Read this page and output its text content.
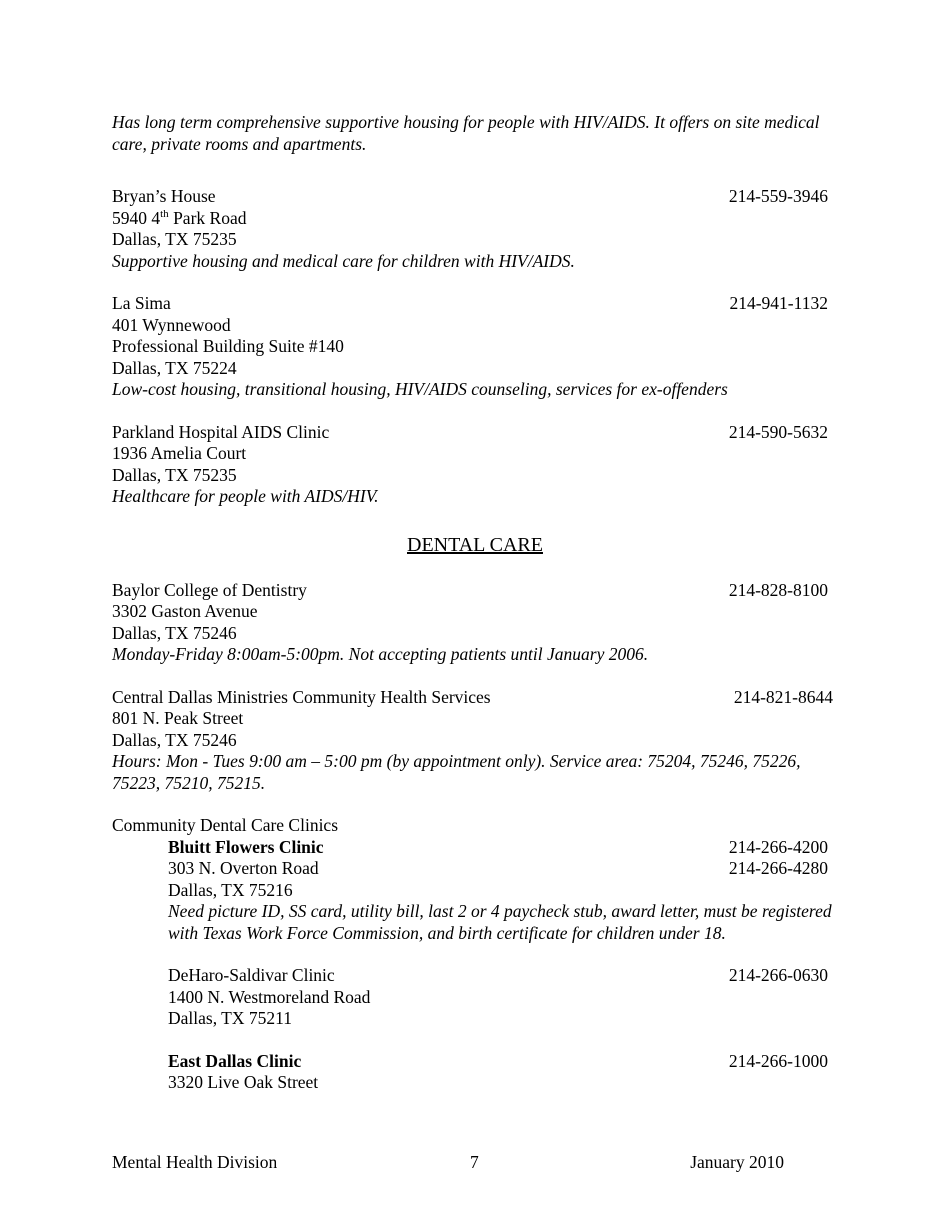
Has long term comprehensive supportive housing for people with HIV/AIDS. It offers on site medical care, private rooms and apartments.
Bryan’s House	214-559-3946
5940 4th Park Road
Dallas, TX 75235
Supportive housing and medical care for children with HIV/AIDS.
La Sima	214-941-1132
401 Wynnewood
Professional Building Suite #140
Dallas, TX 75224
Low-cost housing, transitional housing, HIV/AIDS counseling, services for ex-offenders
Parkland Hospital AIDS Clinic	214-590-5632
1936 Amelia Court
Dallas, TX 75235
Healthcare for people with AIDS/HIV.
DENTAL CARE
Baylor College of Dentistry	214-828-8100
3302 Gaston Avenue
Dallas, TX 75246
Monday-Friday 8:00am-5:00pm. Not accepting patients until January 2006.
Central Dallas Ministries Community Health Services	214-821-8644
801 N. Peak Street
Dallas, TX 75246
Hours: Mon - Tues 9:00 am – 5:00 pm (by appointment only). Service area: 75204, 75246, 75226, 75223, 75210, 75215.
Community Dental Care Clinics
Bluitt Flowers Clinic	214-266-4200
303 N. Overton Road	214-266-4280
Dallas, TX 75216
Need picture ID, SS card, utility bill, last 2 or 4 paycheck stub, award letter, must be registered with Texas Work Force Commission, and birth certificate for children under 18.
DeHaro-Saldivar Clinic	214-266-0630
1400 N. Westmoreland Road
Dallas, TX 75211
East Dallas Clinic	214-266-1000
3320 Live Oak Street
Mental Health Division	7	January 2010
